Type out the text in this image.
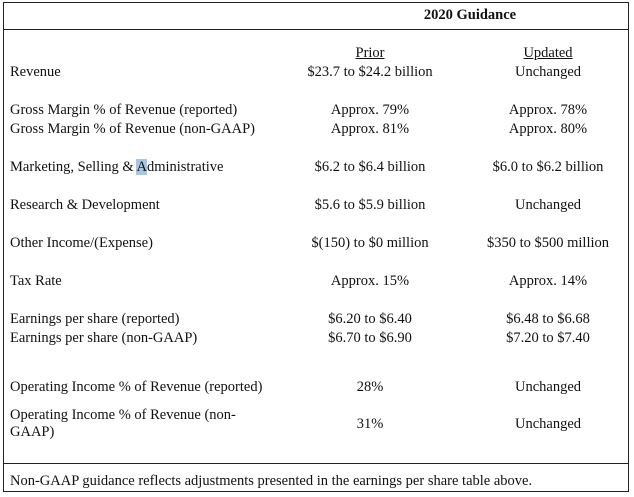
2020 Guidance
Prior	Updated
Revenue	$23.7 to $24.2 billion	Unchanged
Gross Margin % of Revenue (reported)	Approx. 79%	Approx. 78%
Gross Margin % of Revenue (non-GAAP)	Approx. 81%	Approx. 80%
Marketing, Selling & Administrative	$6.2 to $6.4 billion	$6.0 to $6.2 billion
Research & Development	$5.6 to $5.9 billion	Unchanged
Other Income/(Expense)	$(150) to $0 million	$350 to $500 million
Tax Rate	Approx. 15%	Approx. 14%
Earnings per share (reported)	$6.20 to $6.40	$6.48 to $6.68
Earnings per share (non-GAAP)	$6.70 to $6.90	$7.20 to $7.40
Operating Income % of Revenue (reported)	28%	Unchanged
Operating Income % of Revenue (non-
GAAP)	31%	Unchanged
Non-GAAP guidance reflects adjustments presented in the earnings per share table above.
